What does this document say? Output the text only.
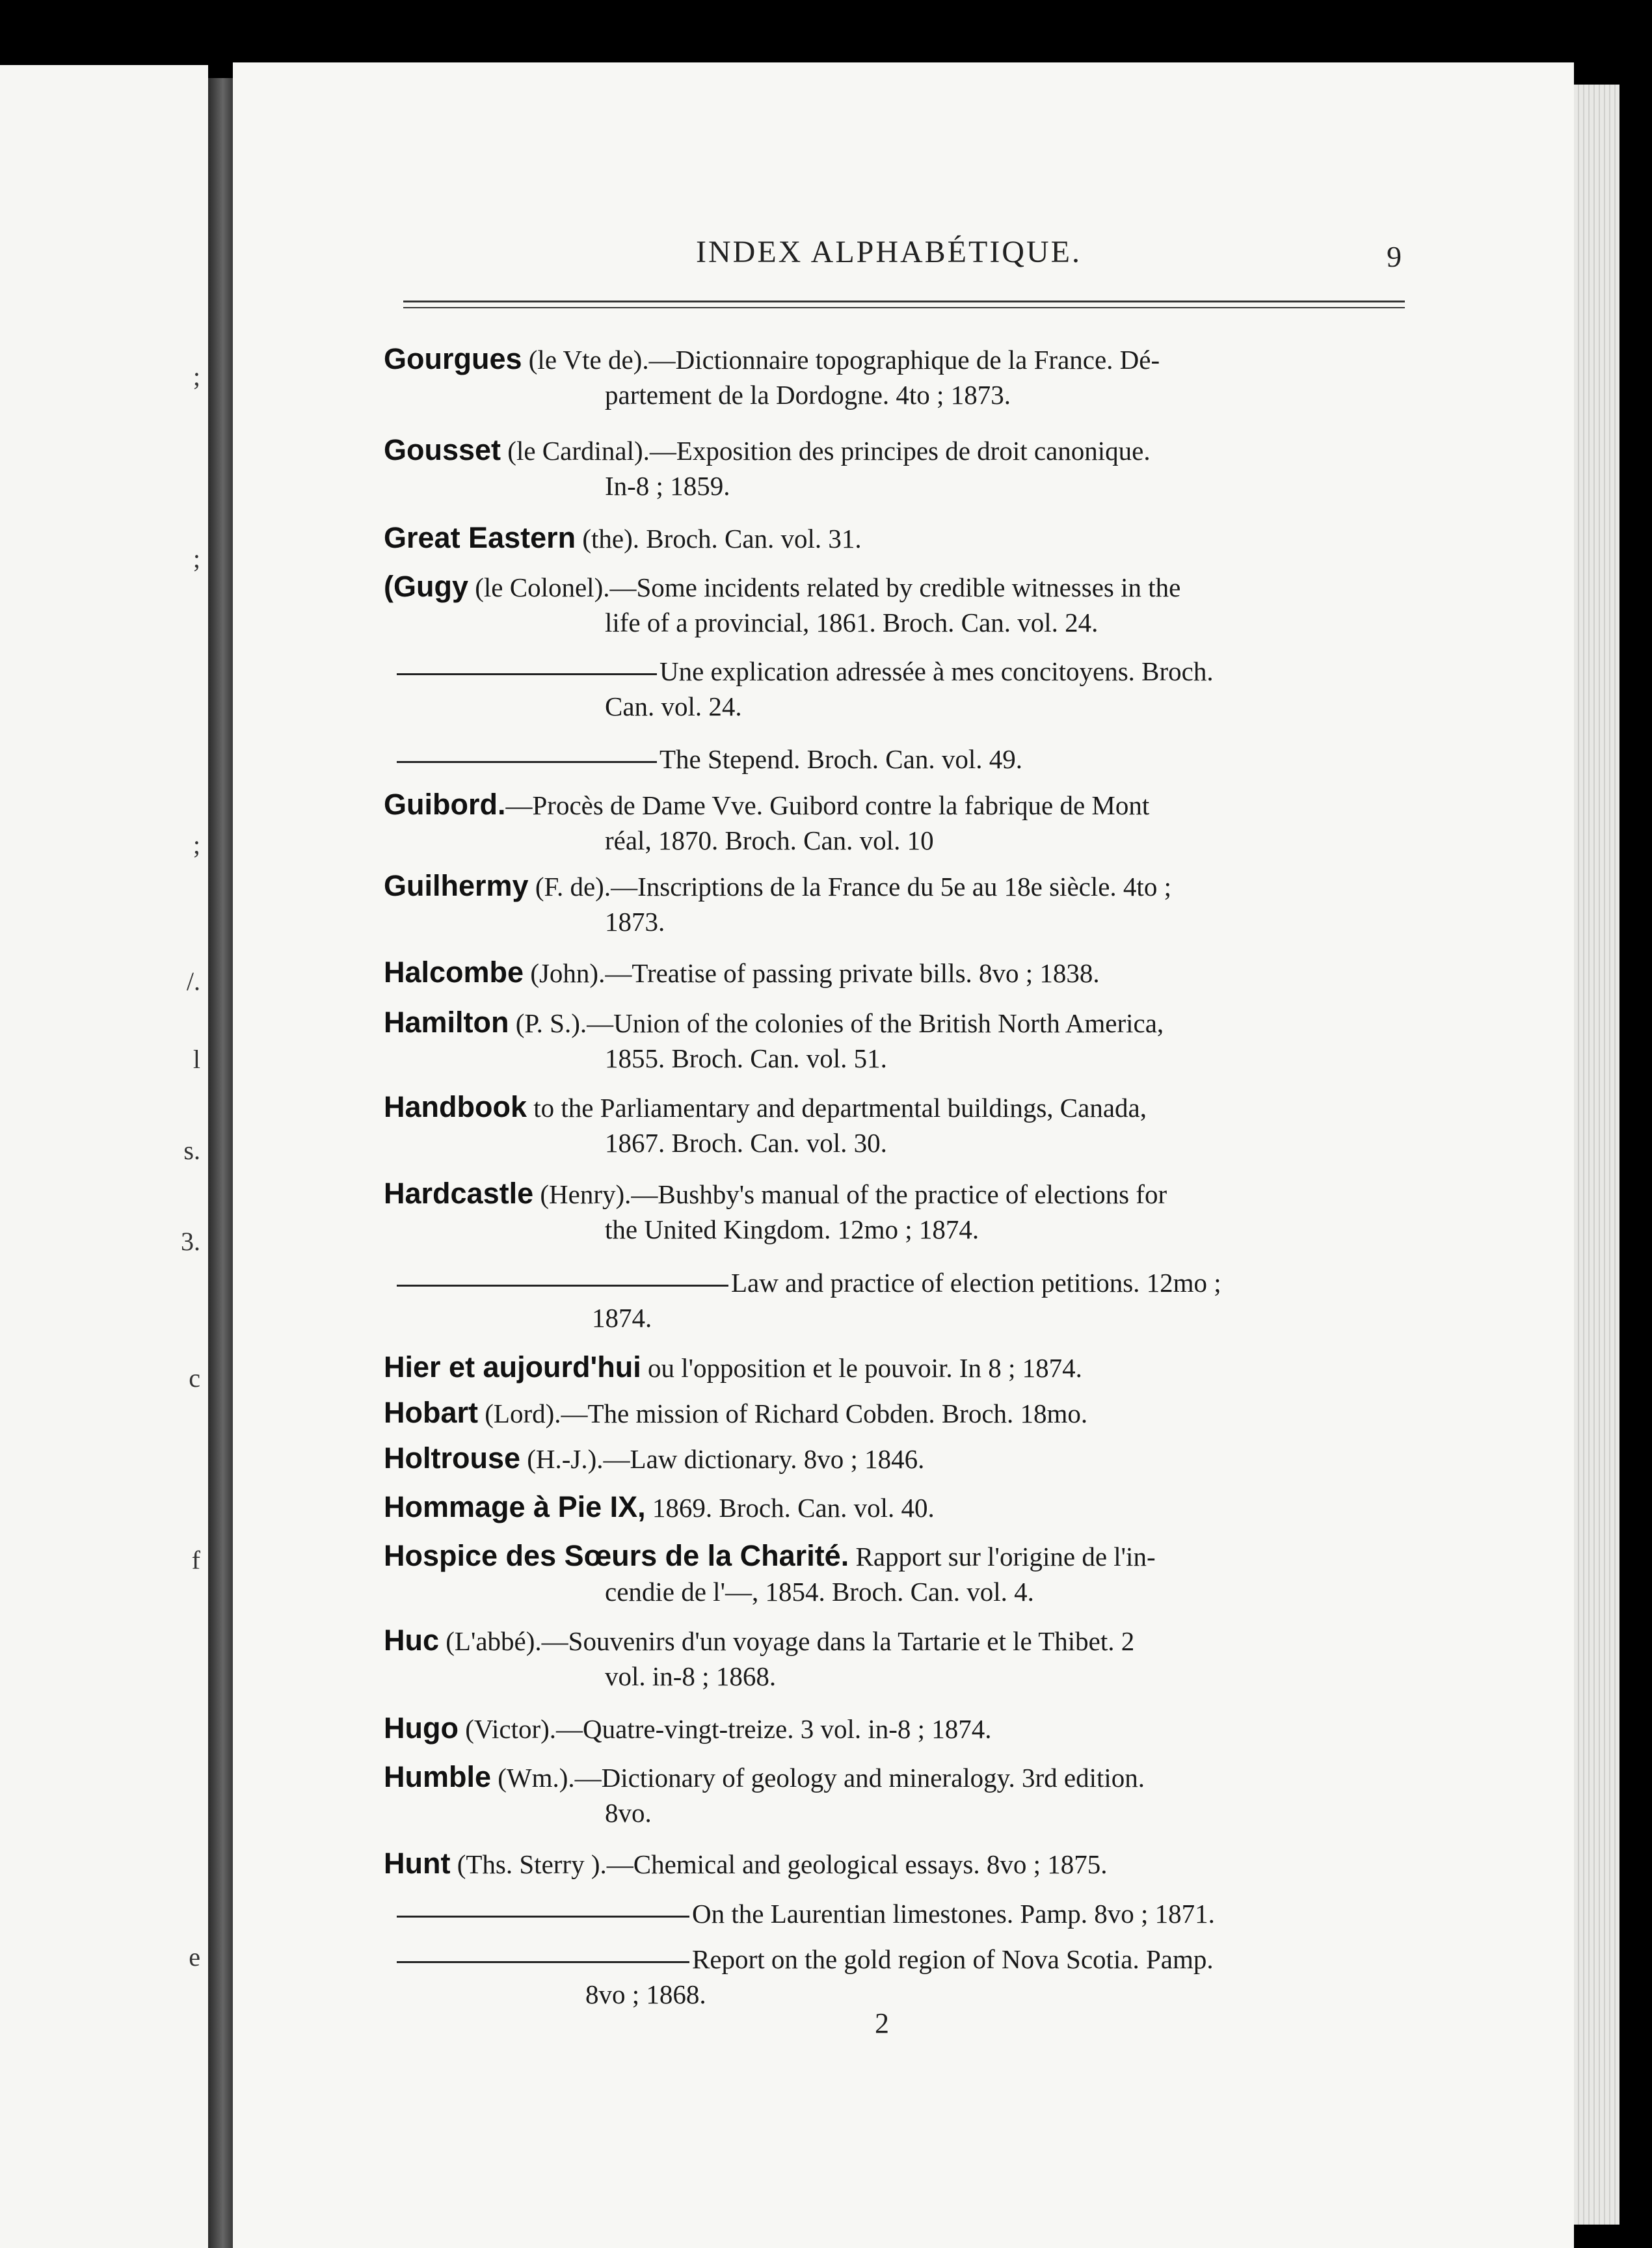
;
;
;
/.
l
s.
3.
c
f
e
INDEX ALPHABÉTIQUE.	9
Gourgues (le Vte de).—Dictionnaire topographique de la France. Dé-
partement de la Dordogne. 4to ; 1873.
Gousset (le Cardinal).—Exposition des principes de droit canonique.
In-8 ; 1859.
Great Eastern (the). Broch. Can. vol. 31.
(Gugy (le Colonel).—Some incidents related by credible witnesses in the
life of a provincial, 1861. Broch. Can. vol. 24.
Une explication adressée à mes concitoyens. Broch.
Can. vol. 24.
The Stepend. Broch. Can. vol. 49.
Guibord.—Procès de Dame Vve. Guibord contre la fabrique de Mont
réal, 1870. Broch. Can. vol. 10
Guilhermy (F. de).—Inscriptions de la France du 5e au 18e siècle. 4to ;
1873.
Halcombe (John).—Treatise of passing private bills. 8vo ; 1838.
Hamilton (P. S.).—Union of the colonies of the British North America,
1855. Broch. Can. vol. 51.
Handbook to the Parliamentary and departmental buildings, Canada,
1867. Broch. Can. vol. 30.
Hardcastle (Henry).—Bushby's manual of the practice of elections for
the United Kingdom. 12mo ; 1874.
Law and practice of election petitions. 12mo ;
1874.
Hier et aujourd'hui ou l'opposition et le pouvoir. In 8 ; 1874.
Hobart (Lord).—The mission of Richard Cobden. Broch. 18mo.
Holtrouse (H.-J.).—Law dictionary. 8vo ; 1846.
Hommage à Pie IX, 1869. Broch. Can. vol. 40.
Hospice des Sœurs de la Charité. Rapport sur l'origine de l'in-
cendie de l'—, 1854. Broch. Can. vol. 4.
Huc (L'abbé).—Souvenirs d'un voyage dans la Tartarie et le Thibet. 2
vol. in-8 ; 1868.
Hugo (Victor).—Quatre-vingt-treize. 3 vol. in-8 ; 1874.
Humble (Wm.).—Dictionary of geology and mineralogy. 3rd edition.
8vo.
Hunt (Ths. Sterry ).—Chemical and geological essays. 8vo ; 1875.
On the Laurentian limestones. Pamp. 8vo ; 1871.
Report on the gold region of Nova Scotia. Pamp.
8vo ; 1868.
2
